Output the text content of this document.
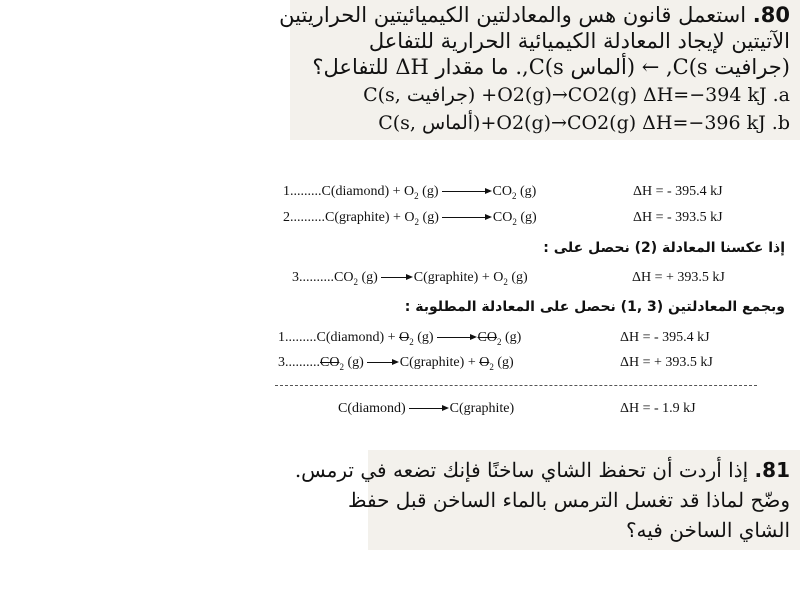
80. استعمل قانون هس والمعادلتين الكيميائيتين الحراريتين
الآتيتين لإيجاد المعادلة الكيميائية الحرارية للتفاعل
(جرافيت C(s, ← (ألماس C(s,. ما مقدار ΔH للتفاعل؟
C(s, جرافيت) +O2(g)→CO2(g) ΔH=−394 kJ .a
C(s, ألماس)+O2(g)→CO2(g) ΔH=−396 kJ .b
1.........C(diamond) + $O_2$ (g)	$CO_2$ (g)	ΔH = - 395.4 kJ
2..........C(graphite) + $O_2$ (g)	$CO_2$ (g)	ΔH = - 393.5 kJ
إذا عكسنا المعادلة (2) نحصل على :
$3..........CO_2$ (g)	C(graphite) + $O_2$ (g)	ΔH = + 393.5 kJ
وبجمع المعادلتين (3 ,1) نحصل على المعادلة المطلوبة :
1.........C(diamond) + $O_2$ (g)	$CO_2$ (g)	ΔH = - 395.4 kJ
$3..........CO_2$ (g)	C(graphite) + $O_2$ (g)	ΔH = + 393.5 kJ
C(diamond)	C(graphite)	ΔH = - 1.9 kJ
81. إذا أردت أن تحفظ الشاي ساخنًا فإنك تضعه في ترمس.
وضّح لماذا قد تغسل الترمس بالماء الساخن قبل حفظ
الشاي الساخن فيه؟
